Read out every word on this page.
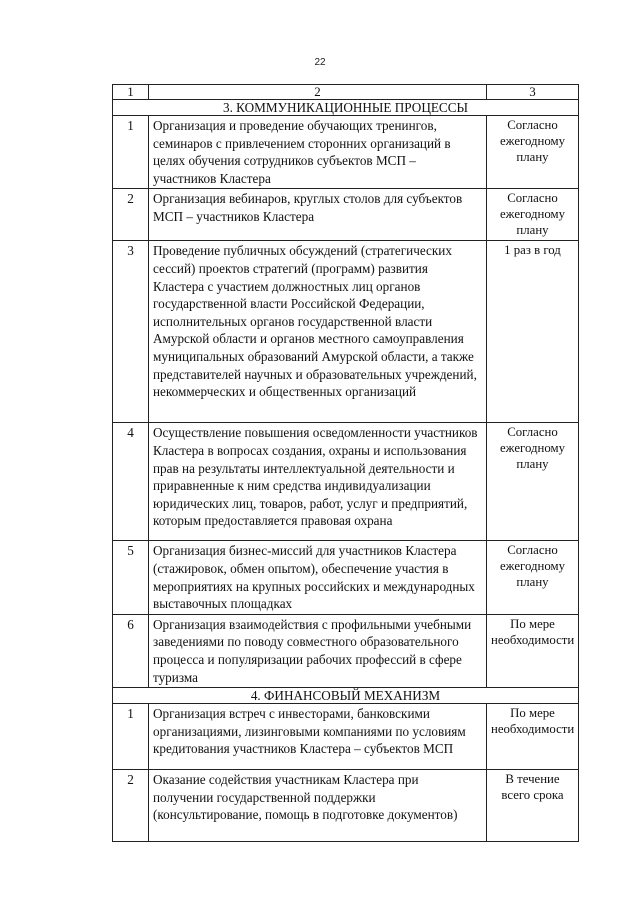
22
1	2	3
3. КОММУНИКАЦИОННЫЕ ПРОЦЕССЫ		
1	Организация и проведение обучающих тренингов, семинаров с привлечением сторонних организаций в целях обучения сотрудников субъектов МСП – участников Кластера	Согласно ежегодному плану
2	Организация вебинаров, круглых столов для субъектов МСП – участников Кластера	Согласно ежегодному плану
3	Проведение публичных обсуждений (стратегических сессий) проектов стратегий (программ) развития Кластера с участием должностных лиц органов государственной власти Российской Федерации, исполнительных органов государственной власти Амурской области и органов местного самоуправления муниципальных образований Амурской области, а также представителей научных и образовательных учреждений, некоммерческих и общественных организаций	1 раз в год
4	Осуществление повышения осведомленности участников Кластера в вопросах создания, охраны и использования прав на результаты интеллектуальной деятельности и приравненные к ним средства индивидуализации юридических лиц, товаров, работ, услуг и предприятий, которым предоставляется правовая охрана	Согласно ежегодному плану
5	Организация бизнес-миссий для участников Кластера (стажировок, обмен опытом), обеспечение участия в мероприятиях на крупных российских и международных выставочных площадках	Согласно ежегодному плану
6	Организация взаимодействия с профильными учебными заведениями по поводу совместного образовательного процесса и популяризации рабочих профессий в сфере туризма	По мере необходимости
4. ФИНАНСОВЫЙ МЕХАНИЗМ		
1	Организация встреч с инвесторами, банковскими организациями, лизинговыми компаниями по условиям кредитования участников Кластера – субъектов МСП	По мере необходимости
2	Оказание содействия участникам Кластера при получении государственной поддержки (консультирование, помощь в подготовке документов)	В течение всего срока
